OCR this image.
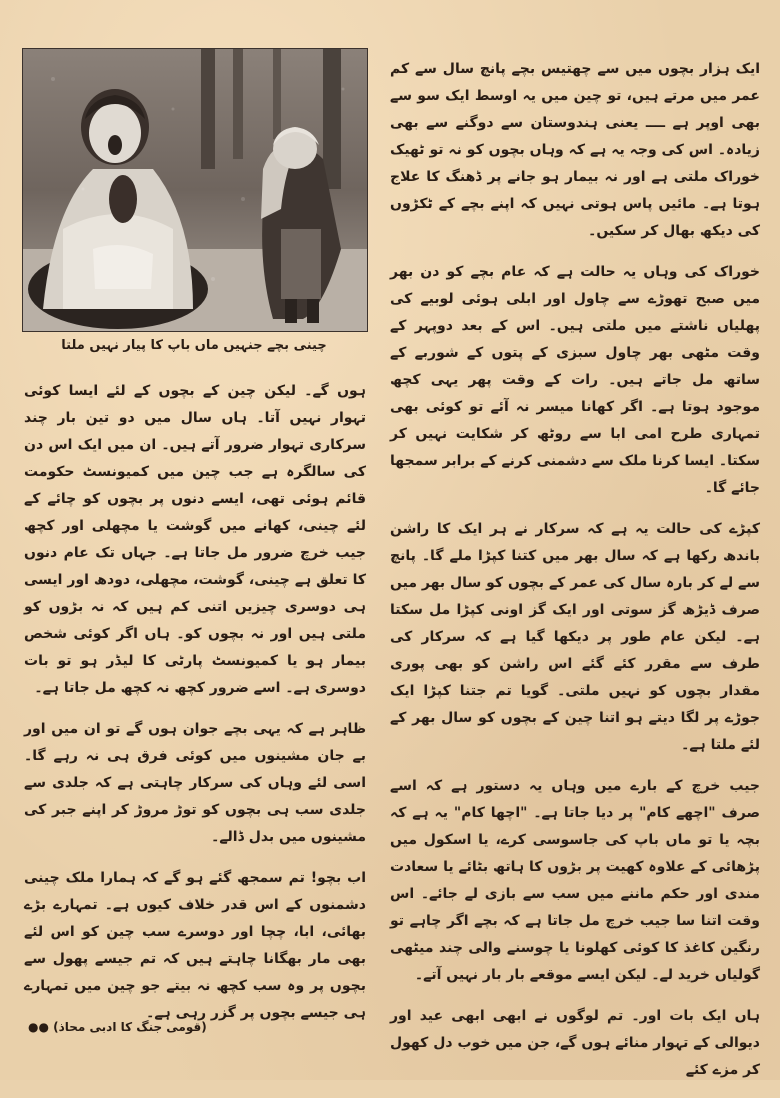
چینی بچے جنہیں ماں باپ کا پیار نہیں ملتا

ایک ہزار بچوں میں سے چھتیس بچے پانچ سال سے کم عمر میں مرتے ہیں، تو چین میں یہ اوسط ایک سو سے بھی اوپر ہے ــــ یعنی ہندوستان سے دوگنے سے بھی زیادہ۔ اس کی وجہ یہ ہے کہ وہاں بچوں کو نہ تو ٹھیک خوراک ملتی ہے اور نہ بیمار ہو جانے پر ڈھنگ کا علاج ہوتا ہے۔ مائیں پاس ہوتی نہیں کہ اپنے بچے کے ٹکڑوں کی دیکھ بھال کر سکیں۔

خوراک کی وہاں یہ حالت ہے کہ عام بچے کو دن بھر میں صبح تھوڑے سے چاول اور ابلی ہوئی لوبیے کی پھلیاں ناشتے میں ملتی ہیں۔ اس کے بعد دوپہر کے وقت مٹھی بھر چاول سبزی کے پتوں کے شوربے کے ساتھ مل جاتے ہیں۔ رات کے وقت پھر یہی کچھ موجود ہوتا ہے۔ اگر کھانا میسر نہ آئے تو کوئی بھی تمہاری طرح امی ابا سے روٹھ کر شکایت نہیں کر سکتا۔ ایسا کرنا ملک سے دشمنی کرنے کے برابر سمجھا جائے گا۔

کپڑے کی حالت یہ ہے کہ سرکار نے ہر ایک کا راشن باندھ رکھا ہے کہ سال بھر میں کتنا کپڑا ملے گا۔ پانچ سے لے کر بارہ سال کی عمر کے بچوں کو سال بھر میں صرف ڈیڑھ گز سوتی اور ایک گز اونی کپڑا مل سکتا ہے۔ لیکن عام طور پر دیکھا گیا ہے کہ سرکار کی طرف سے مقرر کئے گئے اس راشن کو بھی پوری مقدار بچوں کو نہیں ملتی۔ گویا تم جتنا کپڑا ایک جوڑے پر لگا دیتے ہو اتنا چین کے بچوں کو سال بھر کے لئے ملتا ہے۔

جیب خرچ کے بارے میں وہاں یہ دستور ہے کہ اسے صرف "اچھے کام" پر دیا جاتا ہے۔ "اچھا کام" یہ ہے کہ بچہ یا تو ماں باپ کی جاسوسی کرے، یا اسکول میں پڑھائی کے علاوہ کھیت پر بڑوں کا ہاتھ بٹائے یا سعادت مندی اور حکم ماننے میں سب سے بازی لے جائے۔ اس وقت اتنا سا جیب خرچ مل جاتا ہے کہ بچے اگر چاہے تو رنگین کاغذ کا کوئی کھلونا یا چوسنے والی چند میٹھی گولیاں خرید لے۔ لیکن ایسے موقعے بار بار نہیں آتے۔

ہاں ایک بات اور۔ تم لوگوں نے ابھی ابھی عید اور دیوالی کے تہوار منائے ہوں گے، جن میں خوب دل کھول کر مزے کئے

ہوں گے۔ لیکن چین کے بچوں کے لئے ایسا کوئی تہوار نہیں آتا۔ ہاں سال میں دو تین بار چند سرکاری تہوار ضرور آتے ہیں۔ ان میں ایک اس دن کی سالگرہ ہے جب چین میں کمیونسٹ حکومت قائم ہوئی تھی، ایسے دنوں پر بچوں کو چائے کے لئے چینی، کھانے میں گوشت یا مچھلی اور کچھ جیب خرچ ضرور مل جاتا ہے۔ جہاں تک عام دنوں کا تعلق ہے چینی، گوشت، مچھلی، دودھ اور ایسی ہی دوسری چیزیں اتنی کم ہیں کہ نہ بڑوں کو ملتی ہیں اور نہ بچوں کو۔ ہاں اگر کوئی شخص بیمار ہو یا کمیونسٹ پارٹی کا لیڈر ہو تو بات دوسری ہے۔ اسے ضرور کچھ نہ کچھ مل جاتا ہے۔

ظاہر ہے کہ یہی بچے جوان ہوں گے تو ان میں اور بے جان مشینوں میں کوئی فرق ہی نہ رہے گا۔ اسی لئے وہاں کی سرکار چاہتی ہے کہ جلدی سے جلدی سب ہی بچوں کو توڑ مروڑ کر اپنے جبر کی مشینوں میں بدل ڈالے۔

اب بچو! تم سمجھ گئے ہو گے کہ ہمارا ملک چینی دشمنوں کے اس قدر خلاف کیوں ہے۔ تمہارے بڑے بھائی، ابا، چچا اور دوسرے سب چین کو اس لئے بھی مار بھگانا چاہتے ہیں کہ تم جیسے پھول سے بچوں پر وہ سب کچھ نہ بیتے جو چین میں تمہارے ہی جیسے بچوں پر گزر رہی ہے۔

(قومی جنگ کا ادبی محاذ) ●●
